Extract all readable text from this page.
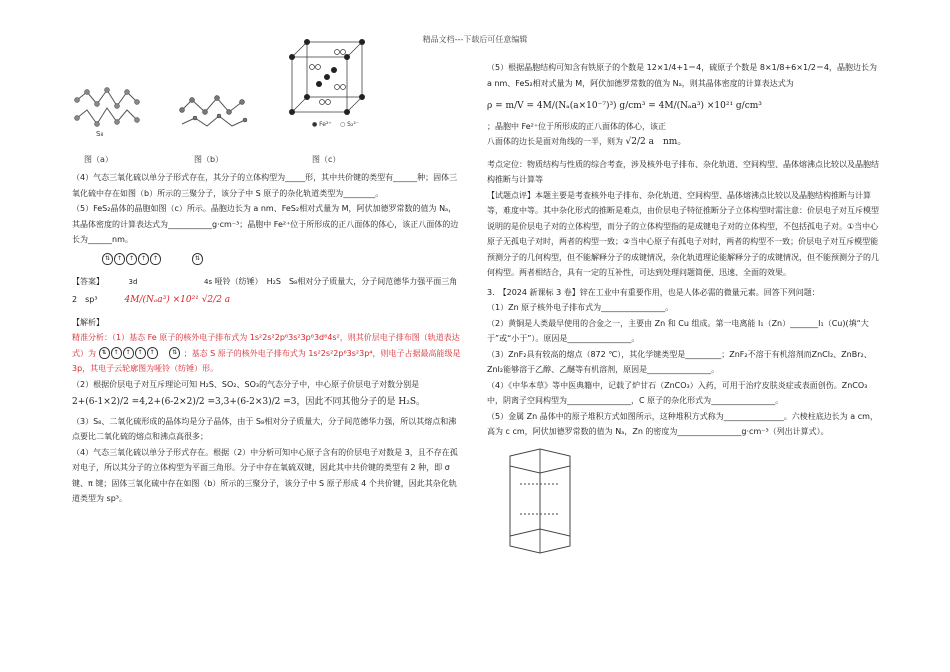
精品文档---下载后可任意编辑
S₈
● Fe²⁺ ○ S₂²⁻
图（a）	图（b）	图（c）

（4）气态三氧化硫以单分子形式存在，其分子的立体构型为_____形，其中共价键的类型有______种；固体三氧化硫中存在如图（b）所示的三聚分子，该分子中 S 原子的杂化轨道类型为________。

（5）FeS₂晶体的晶胞如图（c）所示。晶胞边长为 a nm、FeS₂相对式量为 M，阿伏加德罗常数的值为 Nₐ，其晶体密度的计算表达式为___________g·cm⁻³；晶胞中 Fe²⁺位于所形成的正八面体的体心，该正八面体的边长为______nm。

⇅ ↑ ↑ ↑ ↑	⇅

【答案】	3d	4s 哑铃（纺锤）　H₂S　S₈相对分子质量大，分子间范德华力强平面三角

2　sp³	4M/(Nₐa³) ×10²¹ √2/2 a

【解析】

精准分析：（1）基态 Fe 原子的核外电子排布式为 1s²2s²2p⁶3s²3p⁶3d⁶4s²，则其价层电子排布图（轨道表达式）为 ⇅ ↑ ↑ ↑ ↑	⇅ ；基态 S 原子的核外电子排布式为 1s²2s²2p⁶3s²3p⁴，则电子占据最高能级是 3p，其电子云轮廓图为哑铃（纺锤）形。

（2）根据价层电子对互斥理论可知 H₂S、SO₂、SO₃的气态分子中，中心原子价层电子对数分别是

2+(6-1×2)/2 =4,2+(6-2×2)/2 =3,3+(6-2×3)/2 =3，因此不同其他分子的是 H₂S。

（3）S₈、二氧化硫形成的晶体均是分子晶体，由于 S₈相对分子质量大，分子间范德华力强，所以其熔点和沸点要比二氧化硫的熔点和沸点高很多；

（4）气态三氧化硫以单分子形式存在。根据（2）中分析可知中心原子含有的价层电子对数是 3，且不存在孤对电子，所以其分子的立体构型为平面三角形。分子中存在氧硫双键，因此其中共价键的类型有 2 种，即 σ 键、π 键；固体三氧化硫中存在如图（b）所示的三聚分子，该分子中 S 原子形成 4 个共价键，因此其杂化轨道类型为 sp³。

（5）根据晶胞结构可知含有铁原子的个数是 12×1/4+1＝4，硫原子个数是 8×1/8+6×1/2＝4，晶胞边长为 a nm、FeS₂相对式量为 M，阿伏加德罗常数的值为 Nₐ，则其晶体密度的计算表达式为

ρ = m/V = 4M/(Nₐ(a×10⁻⁷)³) g/cm³ = 4M/(Nₐa³) ×10²¹ g/cm³

；晶胞中 Fe²⁺位于所形成的正八面体的体心，该正

八面体的边长是面对角线的一半，则为 √2/2 a　nm。

考点定位：物质结构与性质的综合考查，涉及核外电子排布、杂化轨道、空间构型、晶体熔沸点比较以及晶胞结构推断与计算等

【试题点评】本题主要是考查核外电子排布、杂化轨道、空间构型、晶体熔沸点比较以及晶胞结构推断与计算等，难度中等。其中杂化形式的推断是难点，由价层电子特征推断分子立体构型时需注意：价层电子对互斥模型说明的是价层电子对的立体构型，而分子的立体构型指的是成键电子对的立体构型，不包括孤电子对。①当中心原子无孤电子对时，两者的构型一致；②当中心原子有孤电子对时，两者的构型不一致；价层电子对互斥模型能预测分子的几何构型，但不能解释分子的成键情况，杂化轨道理论能解释分子的成键情况，但不能预测分子的几何构型。两者相结合，具有一定的互补性，可达到处理问题简便、迅速、全面的效果。

3.　【2024 新课标 3 卷】锌在工业中有重要作用，也是人体必需的微量元素。回答下列问题：

（1）Zn 原子核外电子排布式为________________。

（2）黄铜是人类最早使用的合金之一，主要由 Zn 和 Cu 组成。第一电离能 I₁（Zn）_______I₁（Cu)(填“大于”或“小于”）。原因是________________。

（3）ZnF₂具有较高的熔点（872 ℃），其化学键类型是_________；ZnF₂不溶于有机溶剂而ZnCl₂、ZnBr₂、ZnI₂能够溶于乙醇、乙醚等有机溶剂，原因是________________。

（4）《中华本草》等中医典籍中，记载了炉甘石（ZnCO₃）入药，可用于治疗皮肤炎症或表面创伤。ZnCO₃中，阴离子空间构型为________________，C 原子的杂化形式为________________。

（5）金属 Zn 晶体中的原子堆积方式如图所示，这种堆积方式称为_______________。六棱柱底边长为 a cm，高为 c cm，阿伏加德罗常数的值为 Nₐ，Zn 的密度为________________g·cm⁻³（列出计算式）。
